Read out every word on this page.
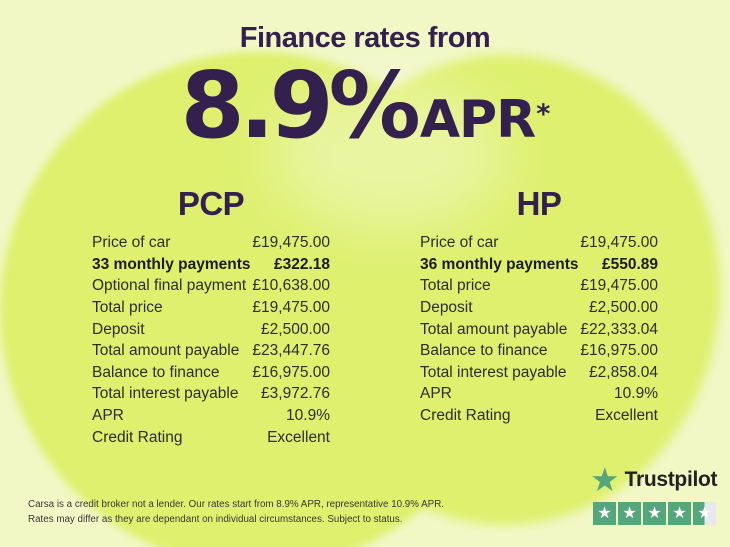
Finance rates from
8.9% APR*
PCP
Price of car	£19,475.00
33 monthly payments £322.18
Optional final payment £10,638.00
Total price	£19,475.00
Deposit	£2,500.00
Total amount payable £23,447.76
Balance to finance £16,975.00
Total interest payable £3,972.76
APR	10.9%
Credit Rating	Excellent
HP
Price of car	£19,475.00
36 monthly payments £550.89
Total price	£19,475.00
Deposit	£2,500.00
Total amount payable £22,333.04
Balance to finance £16,975.00
Total interest payable £2,858.04
APR	10.9%
Credit Rating	Excellent
Carsa is a credit broker not a lender. Our rates start from 8.9% APR, representative 10.9% APR.
Rates may differ as they are dependant on individual circumstances. Subject to status.
★ Trustpilot
★ ★ ★ ★ ★
